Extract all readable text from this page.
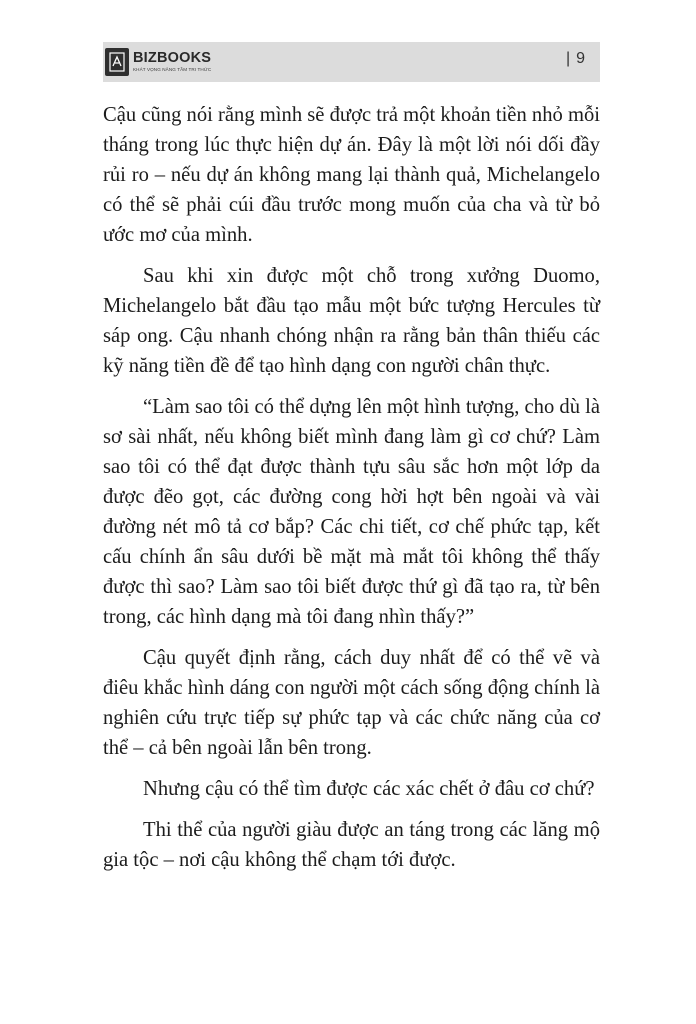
BIZBOOKS
KHÁT VỌNG NÂNG TẦM TRI THỨC
| 9

Cậu cũng nói rằng mình sẽ được trả một khoản tiền nhỏ mỗi tháng trong lúc thực hiện dự án. Đây là một lời nói dối đầy rủi ro – nếu dự án không mang lại thành quả, Michelangelo có thể sẽ phải cúi đầu trước mong muốn của cha và từ bỏ ước mơ của mình.

Sau khi xin được một chỗ trong xưởng Duomo, Michelangelo bắt đầu tạo mẫu một bức tượng Hercules từ sáp ong. Cậu nhanh chóng nhận ra rằng bản thân thiếu các kỹ năng tiền đề để tạo hình dạng con người chân thực.

“Làm sao tôi có thể dựng lên một hình tượng, cho dù là sơ sài nhất, nếu không biết mình đang làm gì cơ chứ? Làm sao tôi có thể đạt được thành tựu sâu sắc hơn một lớp da được đẽo gọt, các đường cong hời hợt bên ngoài và vài đường nét mô tả cơ bắp? Các chi tiết, cơ chế phức tạp, kết cấu chính ẩn sâu dưới bề mặt mà mắt tôi không thể thấy được thì sao? Làm sao tôi biết được thứ gì đã tạo ra, từ bên trong, các hình dạng mà tôi đang nhìn thấy?”

Cậu quyết định rằng, cách duy nhất để có thể vẽ và điêu khắc hình dáng con người một cách sống động chính là nghiên cứu trực tiếp sự phức tạp và các chức năng của cơ thể – cả bên ngoài lẫn bên trong.

Nhưng cậu có thể tìm được các xác chết ở đâu cơ chứ?

Thi thể của người giàu được an táng trong các lăng mộ gia tộc – nơi cậu không thể chạm tới được.
